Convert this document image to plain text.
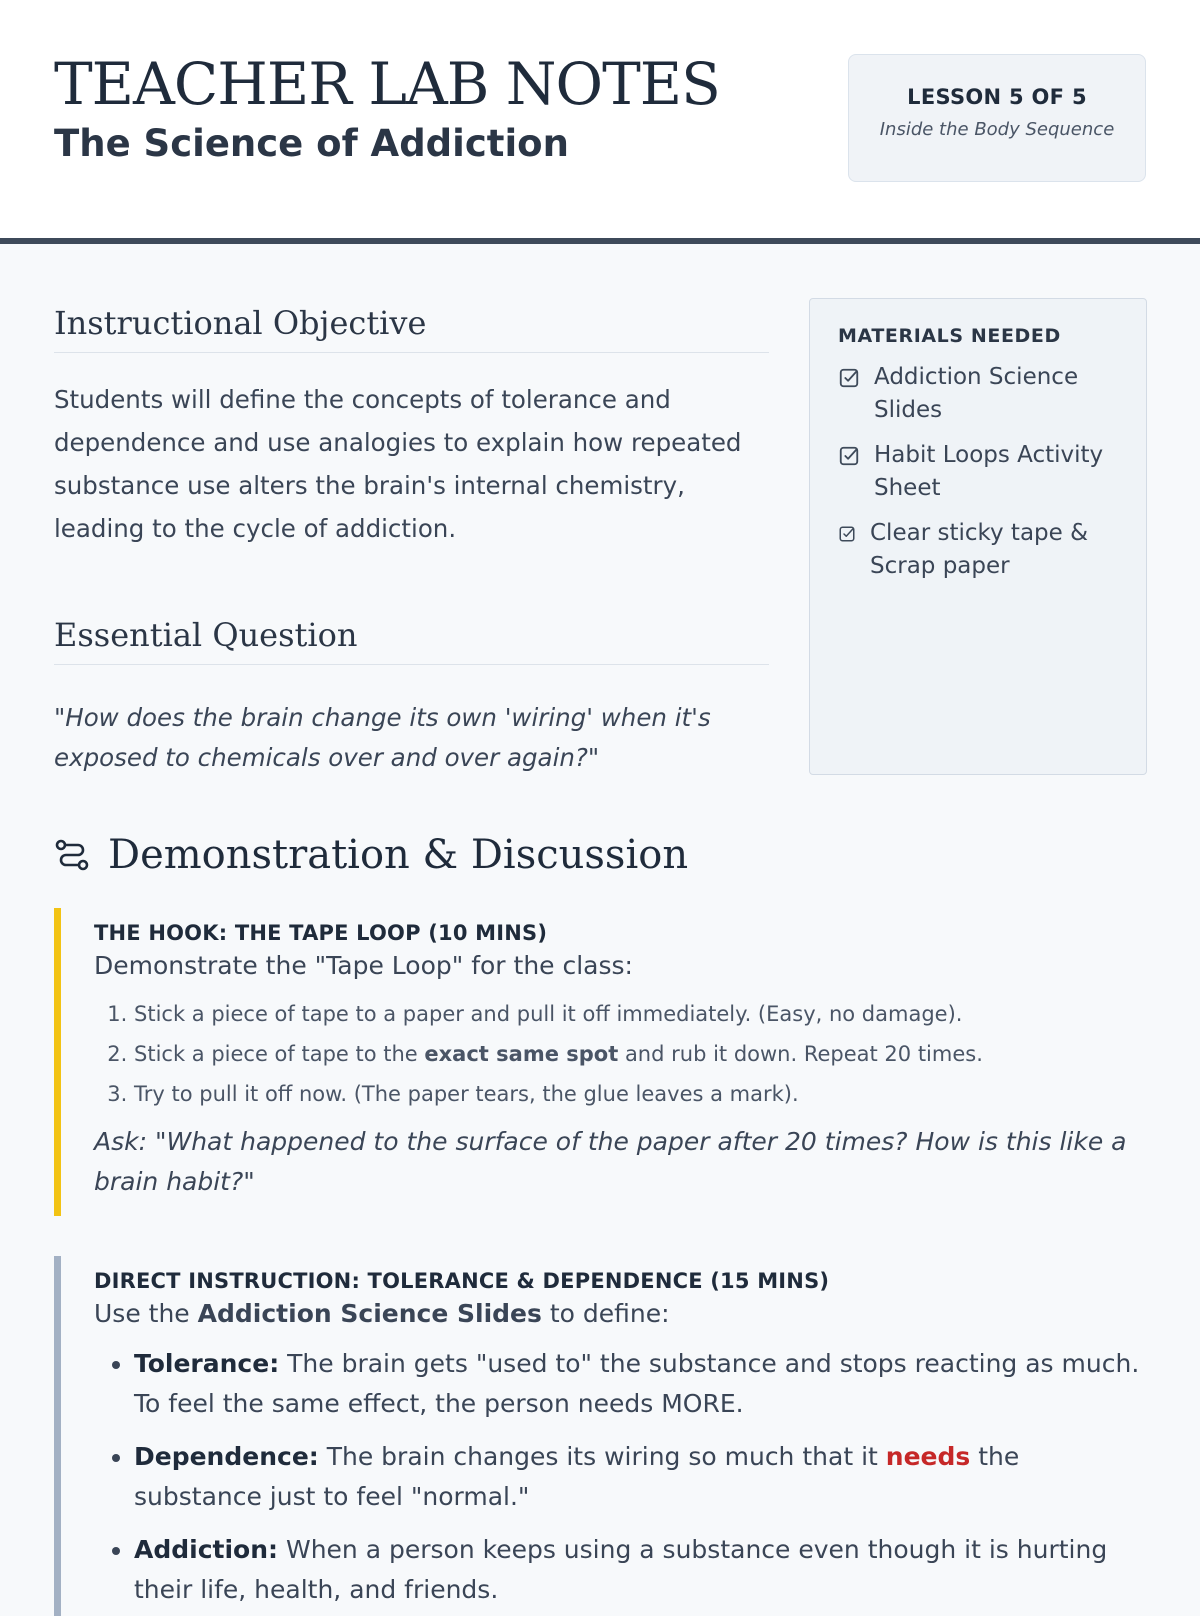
TEACHER LAB NOTES
The Science of Addiction
LESSON 5 OF 5
Inside the Body Sequence
Instructional Objective

Students will define the concepts of tolerance and dependence and use analogies to explain how repeated substance use alters the brain's internal chemistry, leading to the cycle of addiction.

Essential Question

"How does the brain change its own 'wiring' when it's exposed to chemicals over and over again?"

MATERIALS NEEDED
Addiction Science Slides
Habit Loops Activity Sheet
Clear sticky tape & Scrap paper
Demonstration & Discussion
THE HOOK: THE TAPE LOOP (10 MINS)
Demonstrate the "Tape Loop" for the class:
1. Stick a piece of tape to a paper and pull it off immediately. (Easy, no damage).
2. Stick a piece of tape to the exact same spot and rub it down. Repeat 20 times.
3. Try to pull it off now. (The paper tears, the glue leaves a mark).
Ask: "What happened to the surface of the paper after 20 times? How is this like a brain habit?"
DIRECT INSTRUCTION: TOLERANCE & DEPENDENCE (15 MINS)
Use the Addiction Science Slides to define:
• Tolerance: The brain gets "used to" the substance and stops reacting as much. To feel the same effect, the person needs MORE.
• Dependence: The brain changes its wiring so much that it needs the substance just to feel "normal."
• Addiction: When a person keeps using a substance even though it is hurting their life, health, and friends.
